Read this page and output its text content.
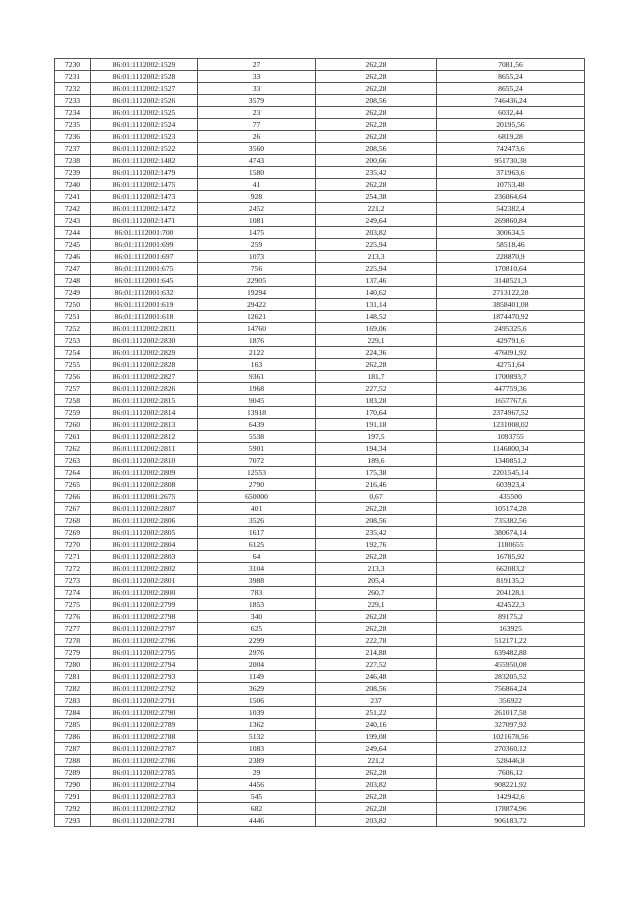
7230	86:01:1112002:1529	27	262,28	7081,56
7231	86:01:1112002:1528	33	262,28	8655,24
7232	86:01:1112002:1527	33	262,28	8655,24
7233	86:01:1112002:1526	3579	208,56	746436,24
7234	86:01:1112002:1525	23	262,28	6032,44
7235	86:01:1112002:1524	77	262,28	20195,56
7236	86:01:1112002:1523	26	262,28	6819,28
7237	86:01:1112002:1522	3560	208,56	742473,6
7238	86:01:1112002:1482	4743	200,66	951730,38
7239	86:01:1112002:1479	1580	235,42	371963,6
7240	86:01:1112002:1475	41	262,28	10753,48
7241	86:01:1112002:1473	928	254,38	236064,64
7242	86:01:1112002:1472	2452	221,2	542382,4
7243	86:01:1112002:1471	1081	249,64	269860,84
7244	86:01:1112001:700	1475	203,82	300634,5
7245	86:01:1112001:699	259	225,94	58518,46
7246	86:01:1112001:697	1073	213,3	228870,9
7247	86:01:1112001:675	756	225,94	170810,64
7248	86:01:1112001:645	22905	137,46	3148521,3
7249	86:01:1112001:632	19294	140,62	2713122,28
7250	86:01:1112001:619	29422	131,14	3858401,08
7251	86:01:1112001:618	12621	148,52	1874470,92
7252	86:01:1112002:2831	14760	169,06	2495325,6
7253	86:01:1112002:2830	1876	229,1	429791,6
7254	86:01:1112002:2829	2122	224,36	476091,92
7255	86:01:1112002:2828	163	262,28	42751,64
7256	86:01:1112002:2827	9361	181,7	1700893,7
7257	86:01:1112002:2826	1968	227,52	447759,36
7258	86:01:1112002:2815	9045	183,28	1657767,6
7259	86:01:1112002:2814	13918	170,64	2374967,52
7260	86:01:1112002:2813	6439	191,18	1231008,02
7261	86:01:1112002:2812	5538	197,5	1093755
7262	86:01:1112002:2811	5901	194,34	1146800,34
7263	86:01:1112002:2810	7072	189,6	1340851,2
7264	86:01:1112002:2809	12553	175,38	2201545,14
7265	86:01:1112002:2808	2790	216,46	603923,4
7266	86:01:1112001:2675	650000	0,67	435500
7267	86:01:1112002:2807	401	262,28	105174,28
7268	86:01:1112002:2806	3526	208,56	735382,56
7269	86:01:1112002:2805	1617	235,42	380674,14
7270	86:01:1112002:2804	6125	192,76	1180655
7271	86:01:1112002:2803	64	262,28	16785,92
7272	86:01:1112002:2802	3104	213,3	662083,2
7273	86:01:1112002:2801	3988	205,4	819135,2
7274	86:01:1112002:2800	783	260,7	204128,1
7275	86:01:1112002:2799	1853	229,1	424522,3
7276	86:01:1112002:2798	340	262,28	89175,2
7277	86:01:1112002:2797	625	262,28	163925
7278	86:01:1112002:2796	2299	222,78	512171,22
7279	86:01:1112002:2795	2976	214,88	639482,88
7280	86:01:1112002:2794	2004	227,52	455950,08
7281	86:01:1112002:2793	1149	246,48	283205,52
7282	86:01:1112002:2792	3629	208,56	756864,24
7283	86:01:1112002:2791	1506	237	356922
7284	86:01:1112002:2790	1039	251,22	261017,58
7285	86:01:1112002:2789	1362	240,16	327097,92
7286	86:01:1112002:2788	5132	199,08	1021678,56
7287	86:01:1112002:2787	1083	249,64	270360,12
7288	86:01:1112002:2786	2389	221,2	528446,8
7289	86:01:1112002:2785	29	262,28	7606,12
7290	86:01:1112002:2784	4456	203,82	908221,92
7291	86:01:1112002:2783	545	262,28	142942,6
7292	86:01:1112002:2782	682	262,28	178874,96
7293	86:01:1112002:2781	4446	203,82	906183,72
